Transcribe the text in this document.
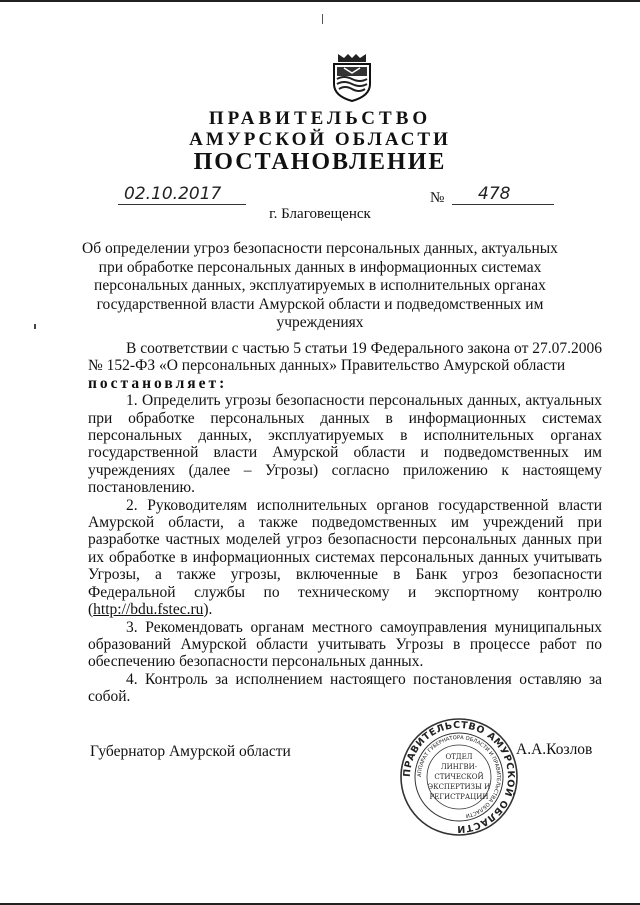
ПРАВИТЕЛЬСТВО
АМУРСКОЙ ОБЛАСТИ
ПОСТАНОВЛЕНИЕ
02.10.2017	№ 478
г. Благовещенск
Об определении угроз безопасности персональных данных, актуальных при обработке персональных данных в информационных системах персональных данных, эксплуатируемых в исполнительных органах государственной власти Амурской области и подведомственных им учреждениях

В соответствии с частью 5 статьи 19 Федерального закона от 27.07.2006 № 152-ФЗ «О персональных данных» Правительство Амурской области

постановляет:

1. Определить угрозы безопасности персональных данных, актуальных при обработке персональных данных в информационных системах персональных данных, эксплуатируемых в исполнительных органах государственной власти Амурской области и подведомственных им учреждениях (далее – Угрозы) согласно приложению к настоящему постановлению.

2. Руководителям исполнительных органов государственной власти Амурской области, а также подведомственных им учреждений при разработке частных моделей угроз безопасности персональных данных при их обработке в информационных системах персональных данных учитывать Угрозы, а также угрозы, включенные в Банк угроз безопасности Федеральной службы по техническому и экспортному контролю (http://bdu.fstec.ru).

3. Рекомендовать органам местного самоуправления муниципальных образований Амурской области учитывать Угрозы в процессе работ по обеспечению безопасности персональных данных.

4. Контроль за исполнением настоящего постановления оставляю за собой.

Губернатор Амурской области	А.А.Козлов
ПРАВИТЕЛЬСТВО АМУРСКОЙ ОБЛАСТИ
АППАРАТ ГУБЕРНАТОРА ОБЛАСТИ И ПРАВИТЕЛЬСТВА ОБЛАСТИ
ОТДЕЛ
ЛИНГВИ-
СТИЧЕСКОЙ
ЭКСПЕРТИЗЫ И
РЕГИСТРАЦИИ
